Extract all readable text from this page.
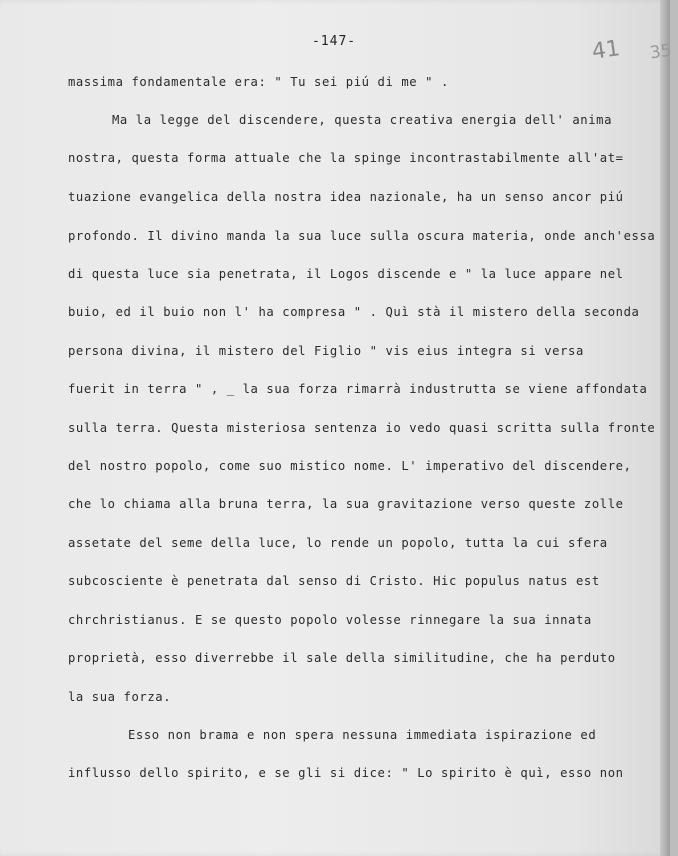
-147-	41 35
massima fondamentale era: " Tu sei piú di me " .
Ma la legge del discendere, questa creativa energia dell' anima
nostra, questa forma attuale che la spinge incontrastabilmente all'at=
tuazione evangelica della nostra idea nazionale, ha un senso ancor piú
profondo. Il divino manda la sua luce sulla oscura materia, onde anch'essa
di questa luce sia penetrata, il Logos discende e " la luce appare nel
buio, ed il buio non l' ha compresa " . Quì stà il mistero della seconda
persona divina, il mistero del Figlio " vis eius integra si versa
fuerit in terra " , _ la sua forza rimarrà industrutta se viene affondata
sulla terra. Questa misteriosa sentenza io vedo quasi scritta sulla fronte
del nostro popolo, come suo mistico nome. L' imperativo del discendere,
che lo chiama alla bruna terra, la sua gravitazione verso queste zolle
assetate del seme della luce, lo rende un popolo, tutta la cui sfera
subcosciente è penetrata dal senso di Cristo. Hic populus natus est
chrchristianus. E se questo popolo volesse rinnegare la sua innata
proprietà, esso diverrebbe il sale della similitudine, che ha perduto
la sua forza.
Esso non brama e non spera nessuna immediata ispirazione ed
influsso dello spirito, e se gli si dice: " Lo spirito è quì, esso non
